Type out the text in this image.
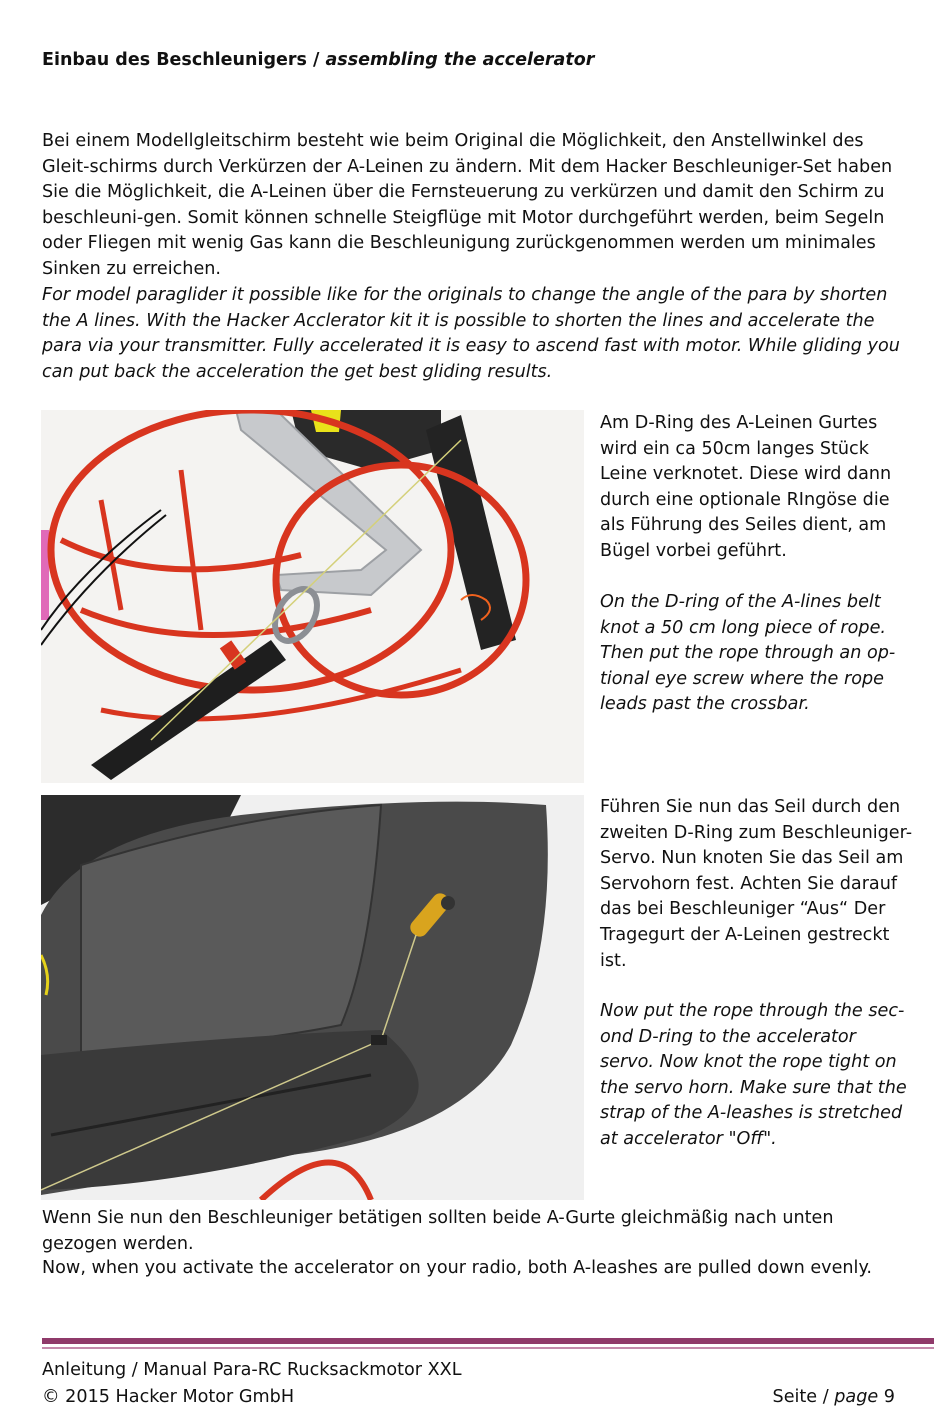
Einbau des Beschleunigers / assembling the accelerator

Bei einem Modellgleitschirm besteht wie beim Original die Möglichkeit, den Anstellwinkel des Gleit-schirms durch Verkürzen der A-Leinen zu ändern. Mit dem Hacker Beschleuniger-Set haben Sie die Möglichkeit, die A-Leinen über die Fernsteuerung zu verkürzen und damit den Schirm zu beschleuni-gen. Somit können schnelle Steigflüge mit Motor durchgeführt werden, beim Segeln oder Fliegen mit wenig Gas kann die Beschleunigung zurückgenommen werden um minimales Sinken zu erreichen.

For model paraglider it possible like for the originals to change the angle of the para by shorten the A lines. With the Hacker Acclerator kit it is possible to shorten the lines and accelerate the para via your transmitter. Fully accelerated it is easy to ascend fast with motor. While gliding you can put back the acceleration the get best gliding results.

Am D-Ring des A-Leinen Gurtes wird ein ca 50cm langes Stück Leine verknotet. Diese wird dann durch eine optionale RIngöse die als Führung des Seiles dient, am Bügel vorbei geführt.

On the D-ring of the A-lines belt knot a 50 cm long piece of rope. Then put the rope through an op-tional eye screw where the rope leads past the crossbar.

Führen Sie nun das Seil durch den zweiten D-Ring zum Beschleuniger-Servo. Nun knoten Sie das Seil am Servohorn fest. Achten Sie darauf das bei Beschleuniger “Aus“ Der Tragegurt der A-Leinen gestreckt ist.

Now put the rope through the sec-ond D-ring to the accelerator servo. Now knot the rope tight on the servo horn. Make sure that the strap of the A-leashes is stretched at accelerator "Off".

Wenn Sie nun den Beschleuniger betätigen sollten beide A-Gurte gleichmäßig nach unten gezogen werden.

Now, when you activate the accelerator on your radio, both A-leashes are pulled down evenly.

Anleitung / Manual Para-RC Rucksackmotor XXL
© 2015 Hacker Motor GmbH	Seite / page 9
